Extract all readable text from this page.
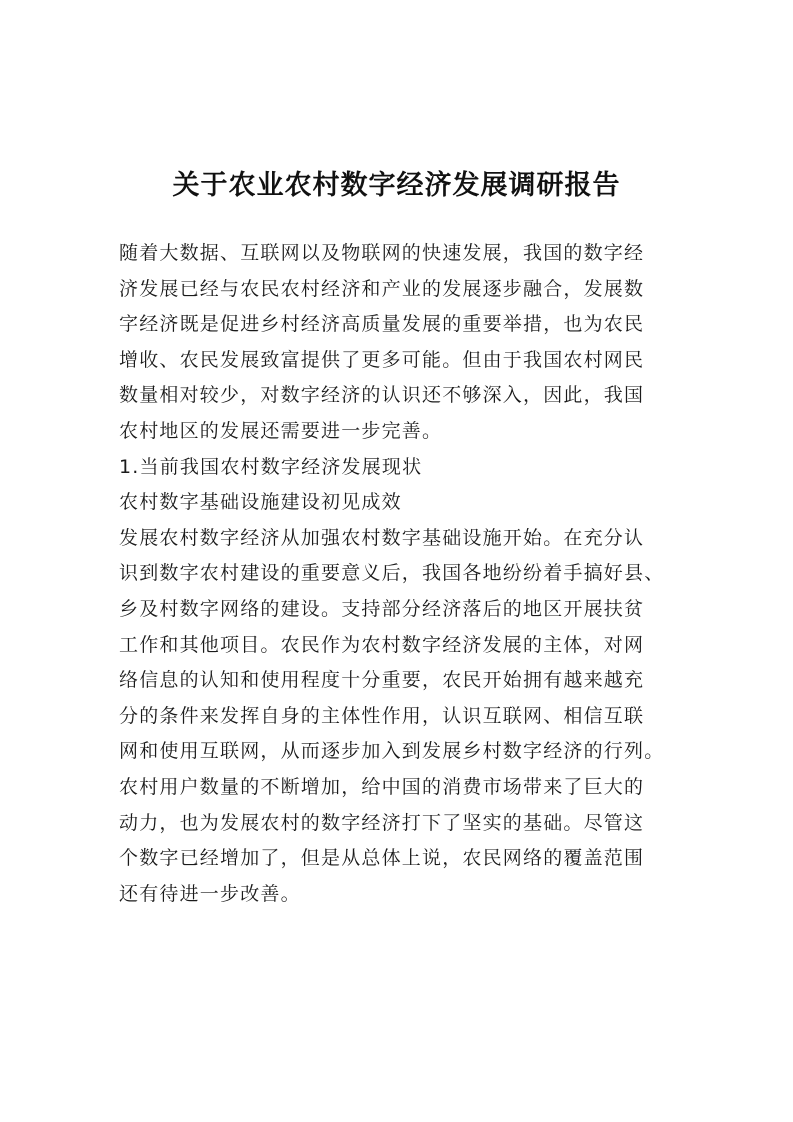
关于农业农村数字经济发展调研报告
随着大数据、互联网以及物联网的快速发展，我国的数字经
济发展已经与农民农村经济和产业的发展逐步融合，发展数
字经济既是促进乡村经济高质量发展的重要举措，也为农民
增收、农民发展致富提供了更多可能。但由于我国农村网民
数量相对较少，对数字经济的认识还不够深入，因此，我国
农村地区的发展还需要进一步完善。
1.当前我国农村数字经济发展现状
农村数字基础设施建设初见成效
发展农村数字经济从加强农村数字基础设施开始。在充分认
识到数字农村建设的重要意义后，我国各地纷纷着手搞好县、
乡及村数字网络的建设。支持部分经济落后的地区开展扶贫
工作和其他项目。农民作为农村数字经济发展的主体，对网
络信息的认知和使用程度十分重要，农民开始拥有越来越充
分的条件来发挥自身的主体性作用，认识互联网、相信互联
网和使用互联网，从而逐步加入到发展乡村数字经济的行列。
农村用户数量的不断增加，给中国的消费市场带来了巨大的
动力，也为发展农村的数字经济打下了坚实的基础。尽管这
个数字已经增加了，但是从总体上说，农民网络的覆盖范围
还有待进一步改善。
